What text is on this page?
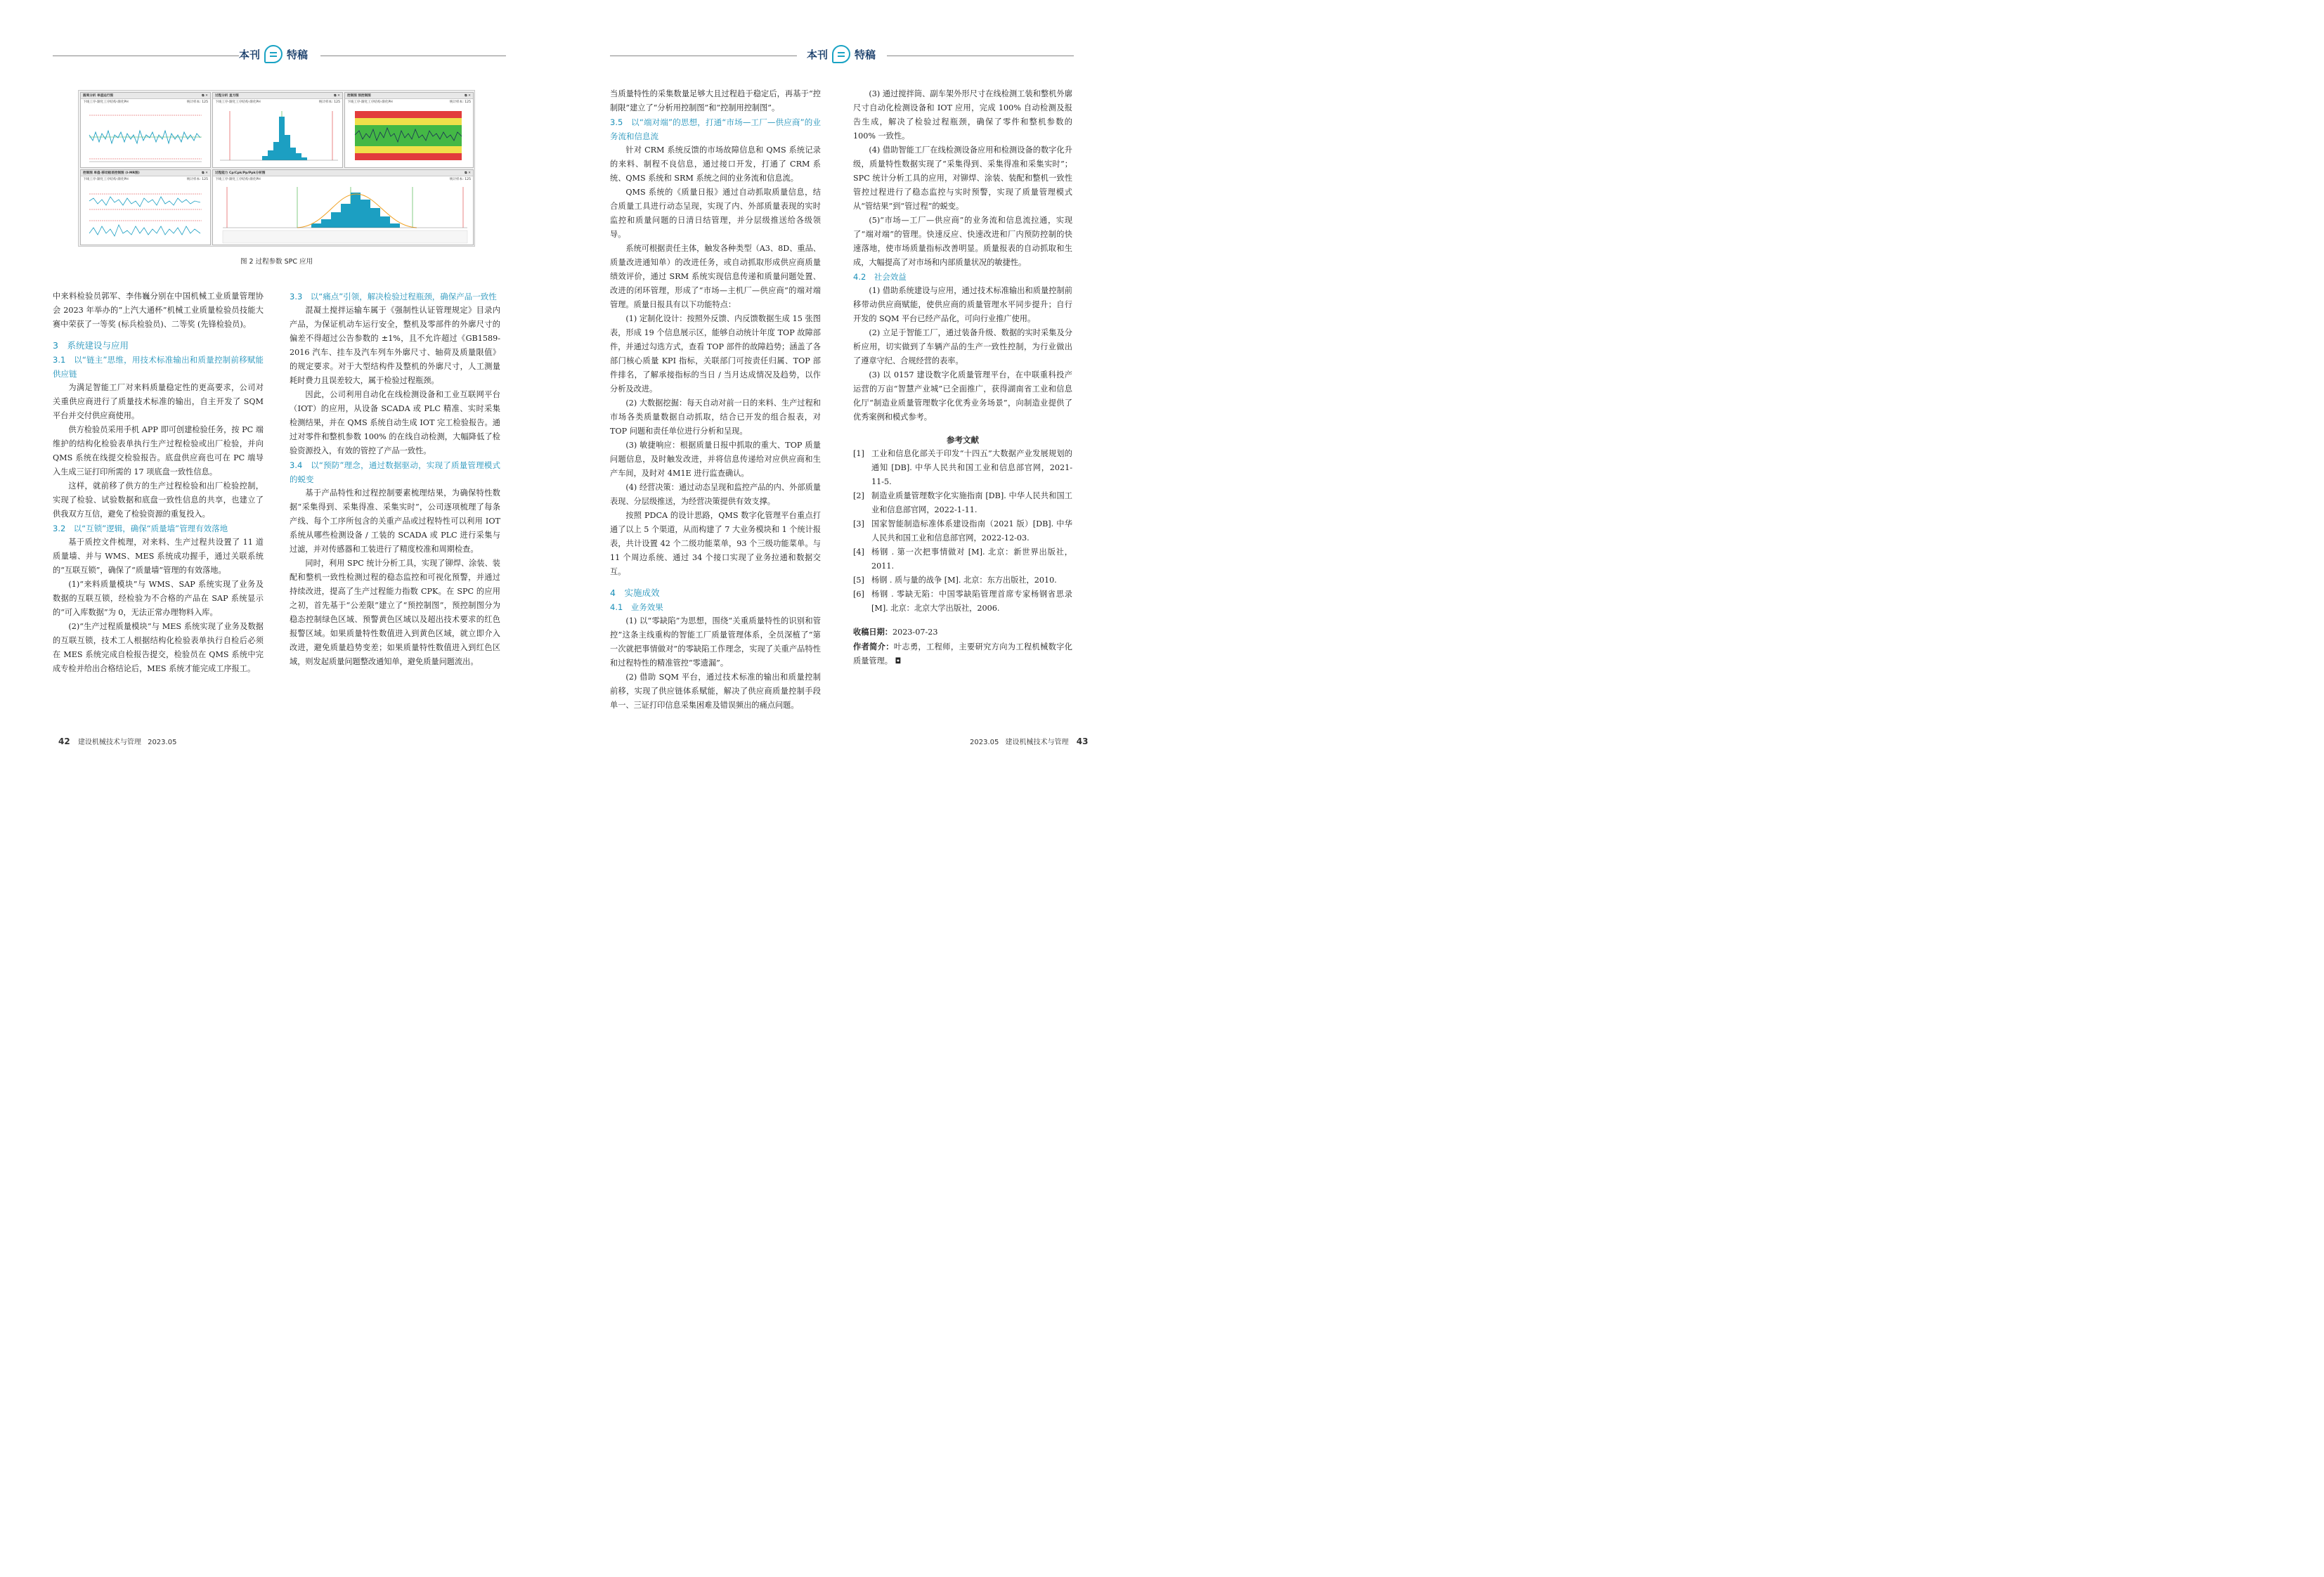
本刊	特稿	本刊	特稿
圆周分析 单值运行图	⧉ ✕
下线工序-渐化工序结构-渐化PH	统计样本: 125
过程分析 直方图	⧉ ✕
下线工序-渐化工序结构-渐化PH	统计样本: 125
控制图 预控制图	⧉ ✕
下线工序-渐化工序结构-渐化PH	统计样本: 125
控制图 单值-移动极差控制图 (I-MR图)	⧉ ✕
下线工序-渐化工序结构-渐化PH	统计样本: 125
过程能力 Cp/Cpk/Pp/Ppk分析图	⧉ ✕
下线工序-渐化工序结构-渐化PH	统计样本: 125
图 2 过程参数 SPC 应用

中来料检验员郭军、李伟巍分别在中国机械工业质量管理协会 2023 年举办的“上汽大通杯”机械工业质量检验员技能大赛中荣获了一等奖 (标兵检验员)、二等奖 (先锋检验员)。

3　系统建设与应用
3.1　以“链主”思维，用技术标准输出和质量控制前移赋能供应链

为满足智能工厂对来料质量稳定性的更高要求，公司对关重供应商进行了质量技术标准的输出，自主开发了 SQM 平台并交付供应商使用。

供方检验员采用手机 APP 即可创建检验任务，按 PC 端维护的结构化检验表单执行生产过程检验或出厂检验，并向 QMS 系统在线提交检验报告。底盘供应商也可在 PC 端导入生成三证打印所需的 17 项底盘一致性信息。

这样，就前移了供方的生产过程检验和出厂检验控制，实现了检验、试验数据和底盘一致性信息的共享，也建立了供我双方互信，避免了检验资源的重复投入。

3.2　以“互锁”逻辑，确保“质量墙”管理有效落地

基于质控文件梳理，对来料、生产过程共设置了 11 道质量墙、并与 WMS、MES 系统成功握手，通过关联系统的“互联互锁”，确保了“质量墙”管理的有效落地。

(1)“来料质量模块”与 WMS、SAP 系统实现了业务及数据的互联互锁，经检验为不合格的产品在 SAP 系统显示的“可入库数据”为 0，无法正常办理物料入库。

(2)“生产过程质量模块”与 MES 系统实现了业务及数据的互联互锁，技术工人根据结构化检验表单执行自检后必须在 MES 系统完成自检报告提交，检验员在 QMS 系统中完成专检并给出合格结论后，MES 系统才能完成工序报工。

3.3　以“痛点”引领，解决检验过程瓶颈，确保产品一致性

混凝土搅拌运输车属于《强制性认证管理规定》目录内产品，为保证机动车运行安全，整机及零部件的外廓尺寸的偏差不得超过公告参数的 ±1%，且不允许超过《GB1589-2016 汽车、挂车及汽车列车外廓尺寸、轴荷及质量限值》的规定要求。对于大型结构件及整机的外廓尺寸，人工测量耗时费力且误差较大，属于检验过程瓶颈。

因此，公司利用自动化在线检测设备和工业互联网平台（IOT）的应用，从设备 SCADA 或 PLC 精准、实时采集检测结果，并在 QMS 系统自动生成 IOT 完工检验报告。通过对零件和整机参数 100% 的在线自动检测，大幅降低了检验资源投入，有效的管控了产品一致性。

3.4　以“预防”理念，通过数据驱动，实现了质量管理模式的蜕变

基于产品特性和过程控制要素梳理结果，为确保特性数据“采集得到、采集得准、采集实时”，公司逐项梳理了每条产线、每个工序所包含的关重产品或过程特性可以利用 IOT 系统从哪些检测设备 / 工装的 SCADA 或 PLC 进行采集与过滤，并对传感器和工装进行了精度校准和周期检查。

同时，利用 SPC 统计分析工具，实现了铆焊、涂装、装配和整机一致性检测过程的稳态监控和可视化预警，并通过持续改进，提高了生产过程能力指数 CPK。在 SPC 的应用之初，首先基于“公差限”建立了“预控制图”，预控制图分为稳态控制绿色区域、预警黄色区域以及超出技术要求的红色报警区域。如果质量特性数值进入到黄色区域，就立即介入改进，避免质量趋势变差；如果质量特性数值进入到红色区域，则发起质量问题整改通知单，避免质量问题流出。

当质量特性的采集数量足够大且过程趋于稳定后，再基于“控制限”建立了“分析用控制图”和“控制用控制图”。

3.5　以“端对端”的思想，打通“市场—工厂—供应商”的业务流和信息流

针对 CRM 系统反馈的市场故障信息和 QMS 系统记录的来料、制程不良信息，通过接口开发，打通了 CRM 系统、QMS 系统和 SRM 系统之间的业务流和信息流。

QMS 系统的《质量日报》通过自动抓取质量信息，结合质量工具进行动态呈现，实现了内、外部质量表现的实时监控和质量问题的日清日结管理，并分层级推送给各级领导。

系统可根据责任主体，触发各种类型（A3、8D、重品、质量改进通知单）的改进任务，或自动抓取形成供应商质量绩效评价，通过 SRM 系统实现信息传递和质量问题处置、改进的闭环管理，形成了“市场—主机厂—供应商”的端对端管理。质量日报具有以下功能特点：

(1) 定制化设计：按照外反馈、内反馈数据生成 15 张图表，形成 19 个信息展示区，能够自动统计年度 TOP 故障部件，并通过勾选方式，查看 TOP 部件的故障趋势；涵盖了各部门核心质量 KPI 指标，关联部门可按责任归属、TOP 部件排名，了解承接指标的当日 / 当月达成情况及趋势，以作分析及改进。

(2) 大数据挖掘：每天自动对前一日的来料、生产过程和市场各类质量数据自动抓取，结合已开发的组合报表，对 TOP 问题和责任单位进行分析和呈现。

(3) 敏捷响应：根据质量日报中抓取的重大、TOP 质量问题信息，及时触发改进，并将信息传递给对应供应商和生产车间，及时对 4M1E 进行监查确认。

(4) 经营决策：通过动态呈现和监控产品的内、外部质量表现、分层级推送，为经营决策提供有效支撑。

按照 PDCA 的设计思路，QMS 数字化管理平台重点打通了以上 5 个渠道，从而构建了 7 大业务模块和 1 个统计报表，共计设置 42 个二级功能菜单，93 个三级功能菜单。与 11 个周边系统、通过 34 个接口实现了业务拉通和数据交互。

4　实施成效
4.1　业务效果

(1) 以“零缺陷”为思想，围绕“关重质量特性的识别和管控”这条主线重构的智能工厂质量管理体系，全员深植了“第一次就把事情做对”的零缺陷工作理念，实现了关重产品特性和过程特性的精准管控“零遗漏”。

(2) 借助 SQM 平台，通过技术标准的输出和质量控制前移，实现了供应链体系赋能，解决了供应商质量控制手段单一、三证打印信息采集困难及错误频出的痛点问题。

(3) 通过搅拌筒、副车架外形尺寸在线检测工装和整机外廓尺寸自动化检测设备和 IOT 应用，完成 100% 自动检测及报告生成，解决了检验过程瓶颈，确保了零件和整机参数的 100% 一致性。

(4) 借助智能工厂在线检测设备应用和检测设备的数字化升级，质量特性数据实现了“采集得到、采集得准和采集实时”；SPC 统计分析工具的应用，对铆焊、涂装、装配和整机一致性管控过程进行了稳态监控与实时预警，实现了质量管理模式从“管结果”到“管过程”的蜕变。

(5)“市场—工厂—供应商”的业务流和信息流拉通，实现了“端对端”的管理。快速反应、快速改进和厂内预防控制的快速落地，使市场质量指标改善明显。质量报表的自动抓取和生成，大幅提高了对市场和内部质量状况的敏捷性。

4.2　社会效益

(1) 借助系统建设与应用，通过技术标准输出和质量控制前移带动供应商赋能，使供应商的质量管理水平同步提升；自行开发的 SQM 平台已经产品化，可向行业推广使用。

(2) 立足于智能工厂，通过装备升级、数据的实时采集及分析应用，切实做到了车辆产品的生产一致性控制，为行业做出了遵章守纪、合规经营的表率。

(3) 以 0157 建设数字化质量管理平台，在中联重科投产运营的万亩“智慧产业城”已全面推广，获得湖南省工业和信息化厅“制造业质量管理数字化优秀业务场景”，向制造业提供了优秀案例和模式参考。

参考文献
[1] 工业和信息化部关于印发“十四五”大数据产业发展规划的通知 [DB]. 中华人民共和国工业和信息部官网，2021-11-5.
[2] 制造业质量管理数字化实施指南 [DB]. 中华人民共和国工业和信息部官网，2022-1-11.
[3] 国家智能制造标准体系建设指南（2021 版）[DB]. 中华人民共和国工业和信息部官网，2022-12-03.
[4] 杨钢 . 第一次把事情做对 [M]. 北京：新世界出版社，2011.
[5] 杨钢 . 质与量的战争 [M]. 北京：东方出版社，2010.
[6] 杨钢 . 零缺无陷：中国零缺陷管理首席专家杨钢省思录 [M]. 北京：北京大学出版社，2006.
收稿日期：2023-07-23
作者简介：叶志勇，工程师，主要研究方向为工程机械数字化质量管理。 ◘
42 建设机械技术与管理 2023.05	2023.05 建设机械技术与管理 43
